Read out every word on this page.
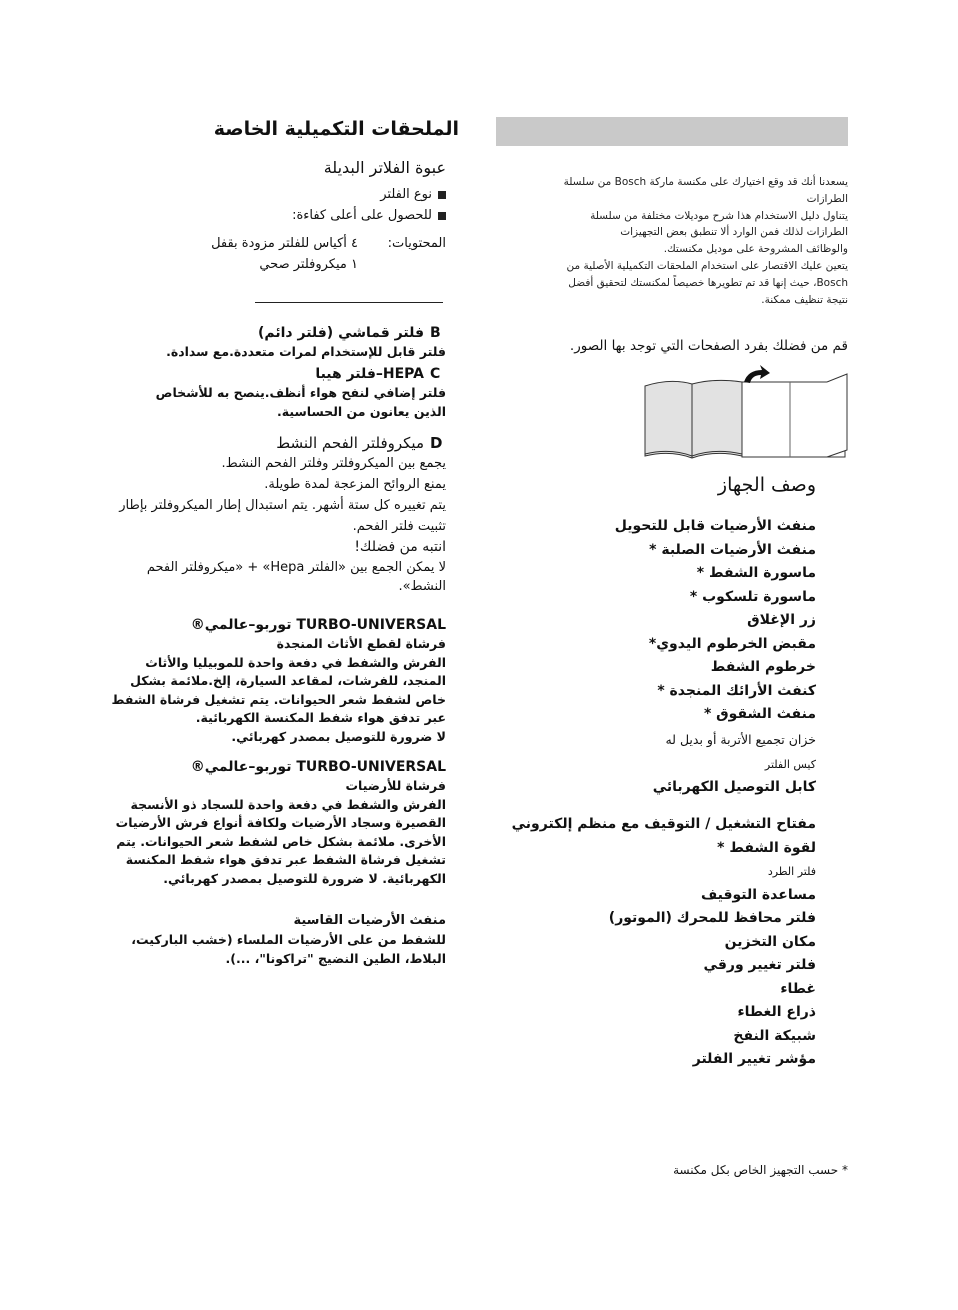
الملحقات التكميلية الخاصة
عبوة الفلاتر البديلة
نوع الفلتر
للحصول على أعلى كفاءة:
المحتويات:
٤ أكياس للفلتر مزودة بقفل
١ ميكروفلتر صحي
Bفلتر قماشي (فلتر دائم)
فلتر قابل للإستخدام لمرات متعددة.مع سدادة.
CHEPA–فلتر هيبا
فلتر إضافي لنفح هواء أنظف.ينصح به للأشخاص
الذين يعانون من الحساسية.
Dميكروفلتر الفحم النشط
يجمع بين الميكروفلتر وفلتر الفحم النشط.
يمنع الروائح المزعجة لمدة طويلة.
يتم تغييره كل ستة أشهر. يتم استبدال إطار الميكروفلتر بإطار
تثبيت فلتر الفحم.
انتبه من فضلك!
لا يمكن الجمع بين «الفلتر Hepa» + «ميكروفلتر الفحم
النشط».
TURBO-UNIVERSAL توربو–عالمي®
فرشاة لقطع الأثاث المنجدة
الفرش والشفط في دفعة واحدة للموبيليا والأثاث
المنجد، للفرشات، لمقاعد السيارة، إلخ.ملائمة بشكل
خاص لشفط شعر الحيوانات. يتم تشغيل فرشاة الشفط
عبر تدفق هواء شفط المكنسة الكهربائية.
لا ضرورة للتوصيل بمصدر كهربائي.
TURBO-UNIVERSAL توربو–عالمي®
فرشاة للأرضيات
الفرش والشفط في دفعة واحدة للسجاد ذو الأنسجة
القصيرة وسجاد الأرضيات ولكافة أنواع فرش الأرضيات
الأخرى. ملائمة بشكل خاص لشفط شعر الحيوانات. يتم
تشغيل فرشاة الشفط عبر تدفق هواء شفط المكنسة
الكهربائية. لا ضرورة للتوصيل بمصدر كهربائي.
منفث الأرضيات القاسية
للشفط من على الأرضيات الملساء (خشب الباركيت،
البلاط، الطين النضيج "تراكونا"، ...).
يسعدنا أنك قد وقع اختيارك على مكنسة ماركة Bosch من سلسلة
الطرازات
يتناول دليل الاستخدام هذا شرح موديلات مختلفة من سلسلة
الطرازات لذلك فمن الوارد ألا تنطبق بعض التجهيزات
والوظائف المشروحة على موديل مكنستك.
يتعين عليك الاقتصار على استخدام الملحقات التكميلية الأصلية من
Bosch، حيث إنها قد تم تطويرها خصيصاً لمكنستك لتحقيق أفضل
نتيجة تنظيف ممكنة.
قم من فضلك بفرد الصفحات التي توجد بها الصور.
وصف الجهاز
منفث الأرضيات قابل للتحويل
منفث الأرضيات الصلبة *
ماسورة الشفط *
ماسورة تلسكوب *
زر الإغلاق
مقبض الخرطوم اليدوي*
خرطوم الشفط
كنفث الأرائك المنجدة *
منفث الشقوق *
خزان تجميع الأتربة أو بديل له
كيس الفلتر
كابل التوصيل الكهربائي
مفتاح التشغيل / التوقيف مع منظم إلكتروني
لقوة الشفط *
فلتر الطرد
مساعدة التوقيف
فلتر محافظ للمحرك (الموتور)
مكان التخزين
فلتر تغيير ورقي
غطاء
ذراع الغطاء
شبيكة النفخ
مؤشر تغيير الفلتر
* حسب التجهيز الخاص بكل مكنسة
